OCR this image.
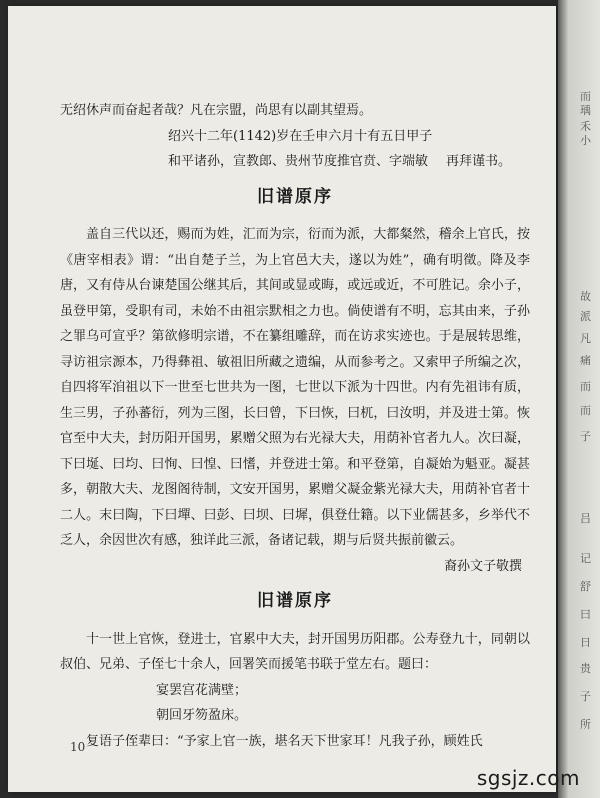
无绍休声而奋起者哉？凡在宗盟，尚思有以副其望焉。

绍兴十二年(1142)岁在壬申六月十有五日甲子
和平诸孙，宣教郎、贵州节度推官贲、字端敏 再拜谨书。
旧谱原序

盖自三代以还，赐而为姓，汇而为宗，衍而为派，大都粲然，稽余上官氏，按《唐宰相表》谓：“出自楚子兰，为上官邑大夫，遂以为姓”，确有明徵。降及李唐，又有侍从台谏楚国公继其后，其间或显或晦，或远或近，不可胜记。余小子，虽登甲第，受职有司，未始不由祖宗默相之力也。倘使谱有不明，忘其由来，子孙之罪乌可宣乎？第欲修明宗谱，不在纂组雕辞，而在访求实迹也。于是展转思维，寻访祖宗源本，乃得彝祖、敏祖旧所藏之遗编，从而参考之。又索甲子所编之次，自四将军洎祖以下一世至七世共为一图，七世以下派为十四世。内有先祖讳有质，生三男，子孙蕃衍，列为三图，长曰曾，下曰恢，曰杌，曰汝明，并及进士第。恢官至中大夫，封历阳开国男，累赠父照为右光禄大夫，用荫补官者九人。次曰凝，下曰埏、曰均、曰恂、曰惶、曰愭，并登进士第。和平登第，自凝始为魁亚。凝甚多，朝散大夫、龙图阁待制，文安开国男，累赠父凝金紫光禄大夫，用荫补官者十二人。末曰陶，下曰墠、曰彭、曰坝、曰墀，俱登仕籍。以下业儒甚多，乡举代不乏人，余因世次有感，独详此三派，备诸记载，期与后贤共振前徽云。

裔孙文子敬撰

旧谱原序

十一世上官恢，登进士，官累中大夫，封开国男历阳郡。公寿登九十，同朝以叔伯、兄弟、子侄七十余人，回署笑而援笔书联于堂左右。题曰：

宴罢宫花满壁；

朝回牙笏盈床。

复语子侄辈曰：“予家上官一族，堪名天下世家耳！凡我子孙，顾姓氏

10
而瑀
禾小
故
派
凡
痛
而
而
子
吕
记
舒
曰
日
贵
子
所
sgsjz.com
